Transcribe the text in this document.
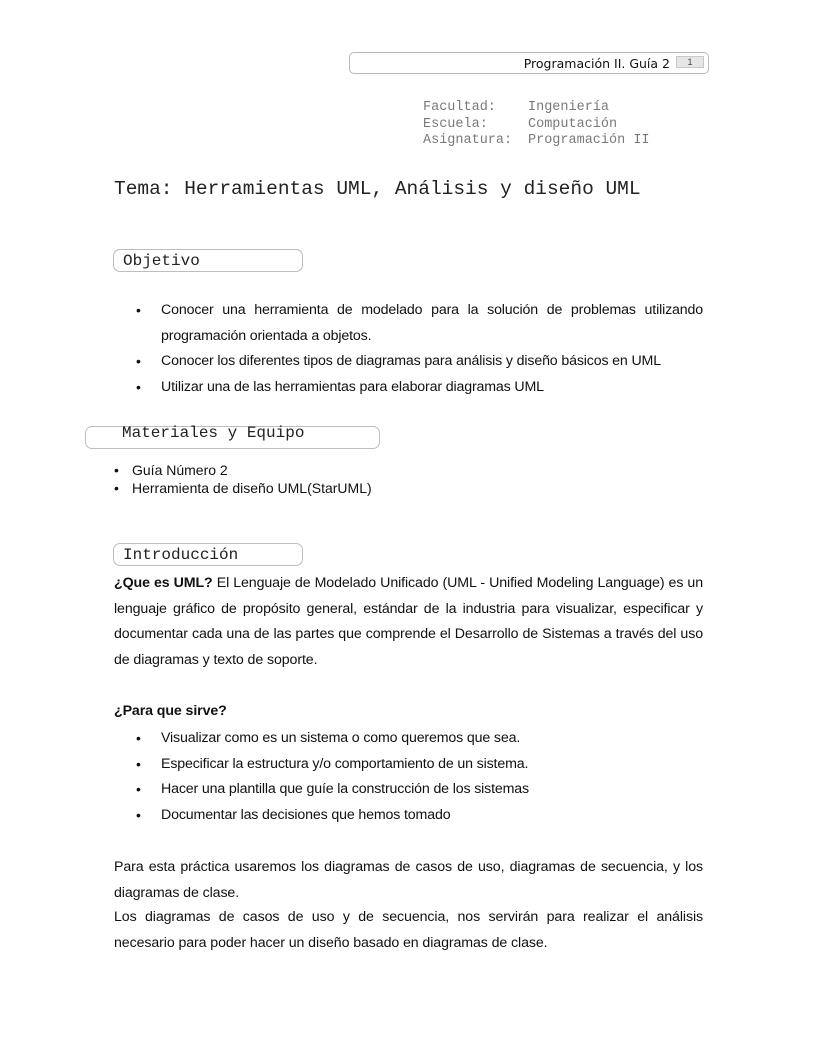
Programación II. Guía 2	1
Facultad: Ingeniería
Escuela:	Computación
Asignatura: Programación II
Tema: Herramientas UML, Análisis y diseño UML
Objetivo
• Conocer una herramienta de modelado para la solución de problemas utilizando programación orientada a objetos.
• Conocer los diferentes tipos de diagramas para análisis y diseño básicos en UML
• Utilizar una de las herramientas para elaborar diagramas UML
Materiales y Equipo
• Guía Número 2
• Herramienta de diseño UML(StarUML)
Introducción

¿Que es UML? El Lenguaje de Modelado Unificado (UML - Unified Modeling Language) es un lenguaje gráfico de propósito general, estándar de la industria para visualizar, especificar y documentar cada una de las partes que comprende el Desarrollo de Sistemas a través del uso de diagramas y texto de soporte.

¿Para que sirve?

• Visualizar como es un sistema o como queremos que sea.
• Especificar la estructura y/o comportamiento de un sistema.
• Hacer una plantilla que guíe la construcción de los sistemas
• Documentar las decisiones que hemos tomado

Para esta práctica usaremos los diagramas de casos de uso, diagramas de secuencia, y los diagramas de clase.

Los diagramas de casos de uso y de secuencia, nos servirán para realizar el análisis necesario para poder hacer un diseño basado en diagramas de clase.
